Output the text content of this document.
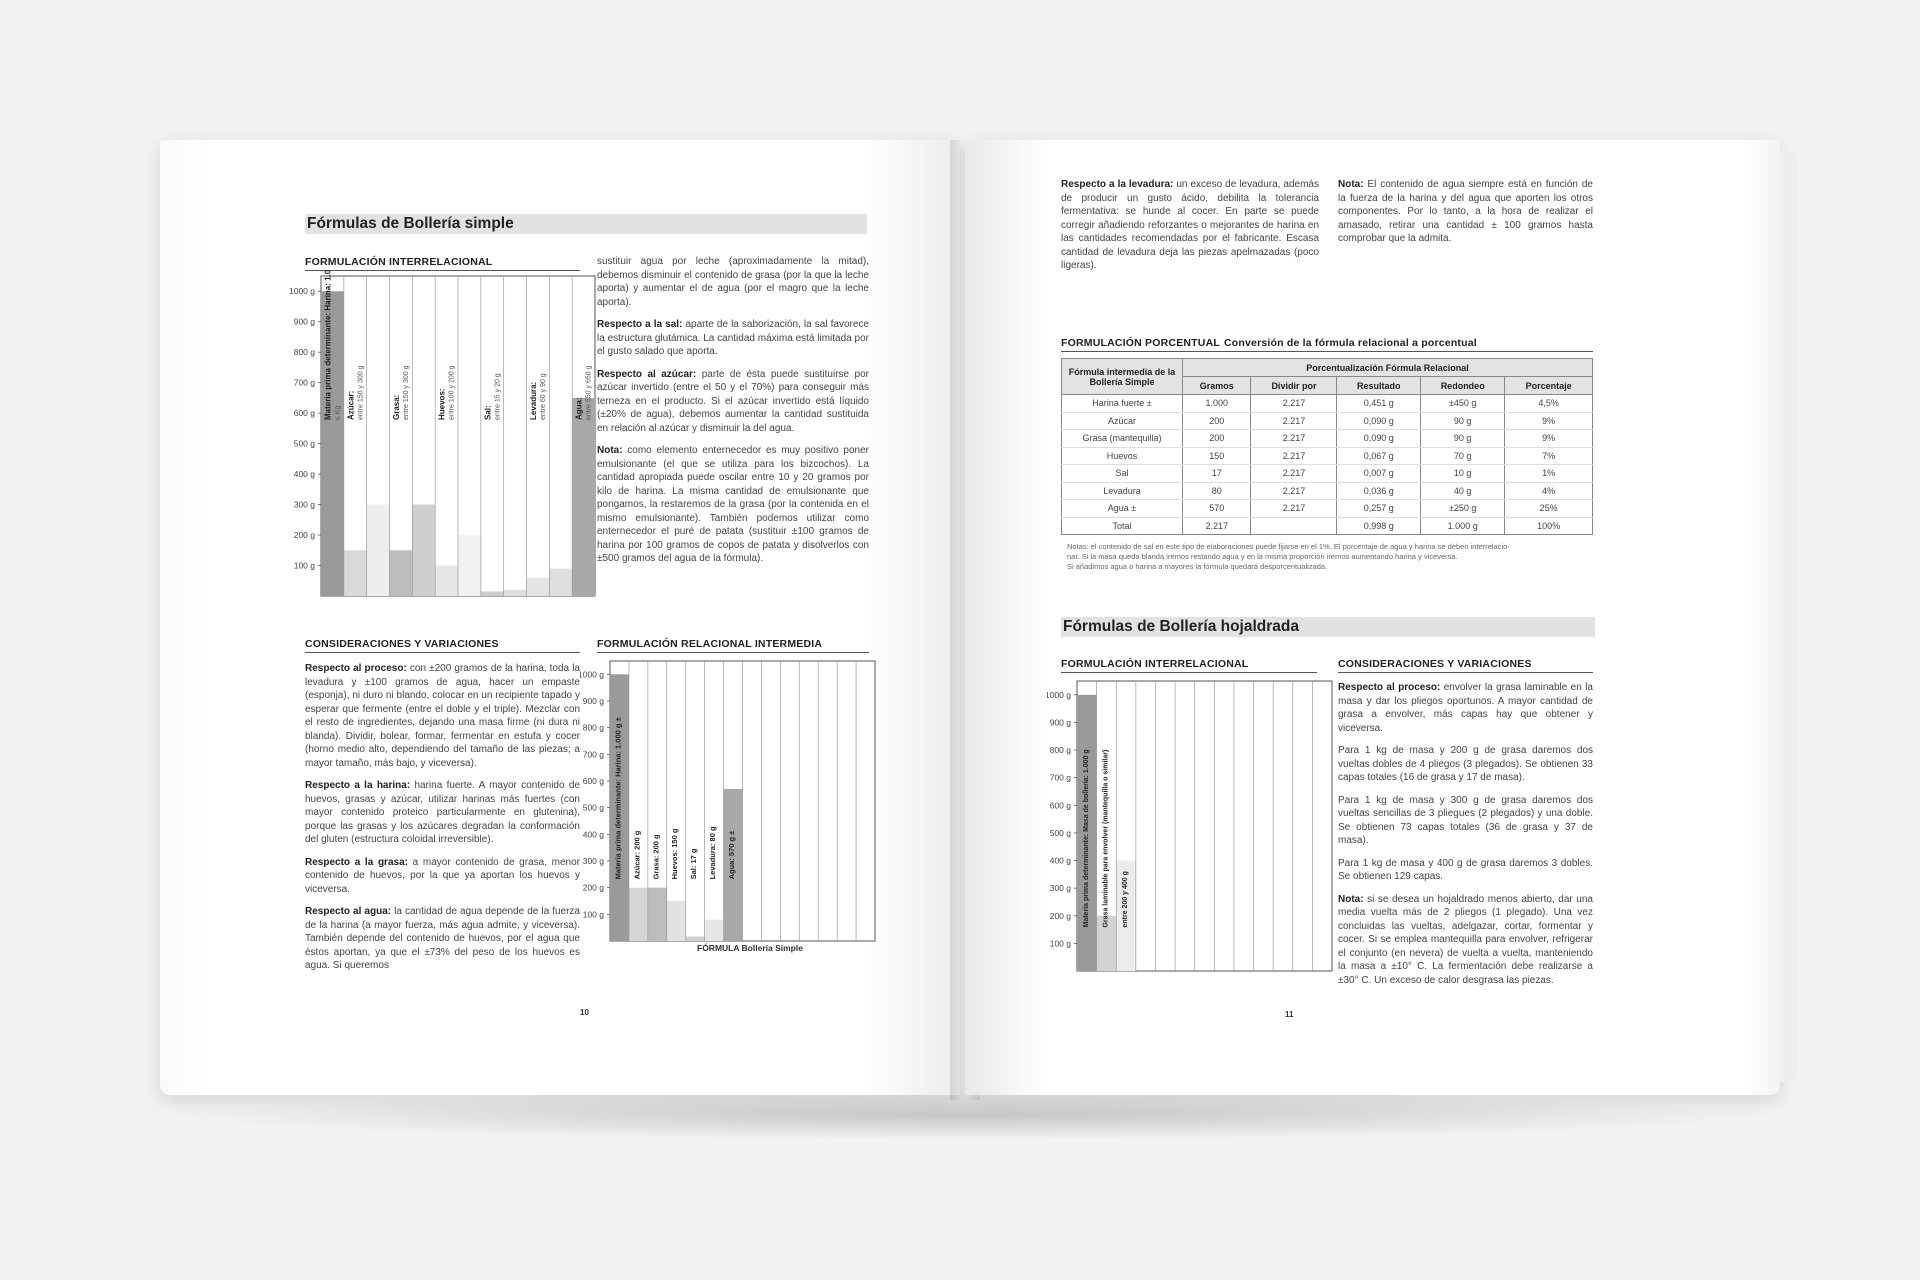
Fórmulas de Bollería simple
FORMULACIÓN INTERRELACIONAL
1000 g
900 g
800 g
700 g
600 g
500 g
400 g
300 g
200 g
100 g
Materia prima determinante: Harina: 1.000 g ≤ Kg Azúcar: entre 150 y 300 g	Grasa: entre 150 y 300 g	Huevos: entre 100 y 200 g	Sal: entre 15 y 20 g	Levadura: entre 60 y 90 g	Agua: entre 550 y 650 g

sustituir agua por leche (aproximadamente la mitad), debemos disminuir el contenido de grasa (por la que la leche aporta) y aumentar el de agua (por el magro que la leche aporta).

Respecto a la sal: aparte de la saborización, la sal favorece la estructura glutámica. La cantidad máxima está limitada por el gusto salado que aporta.

Respecto al azúcar: parte de ésta puede sustituirse por azúcar invertido (entre el 50 y el 70%) para conseguir más terneza en el producto. Si el azúcar invertido está líquido (±20% de agua), debemos aumentar la cantidad sustituida en relación al azúcar y disminuir la del agua.

Nota: como elemento enternecedor es muy positivo poner emulsionante (el que se utiliza para los bizcochos). La cantidad apropiada puede oscilar entre 10 y 20 gramos por kilo de harina. La misma cantidad de emulsionante que pongamos, la restaremos de la grasa (por la contenida en el mismo emulsionante). También podemos utilizar como enternecedor el puré de patata (sustituir ±100 gramos de harina por 100 gramos de copos de patata y disolverlos con ±500 gramos del agua de la fórmula).

CONSIDERACIONES Y VARIACIONES

Respecto al proceso: con ±200 gramos de la harina, toda la levadura y ±100 gramos de agua, hacer un empaste (esponja), ni duro ni blando, colocar en un recipiente tapado y esperar que fermente (entre el doble y el triple). Mezclar con el resto de ingredientes, dejando una masa firme (ni dura ni blanda). Dividir, bolear, formar, fermentar en estufa y cocer (horno medio alto, dependiendo del tamaño de las piezas; a mayor tamaño, más bajo, y viceversa).

Respecto a la harina: harina fuerte. A mayor contenido de huevos, grasas y azúcar, utilizar harinas más fuertes (con mayor contenido proteico particularmente en glutenina), porque las grasas y los azúcares degradan la conformación del gluten (estructura coloidal irreversible).

Respecto a la grasa: a mayor contenido de grasa, menor contenido de huevos, por la que ya aportan los huevos y viceversa.

Respecto al agua: la cantidad de agua depende de la fuerza de la harina (a mayor fuerza, más agua admite, y viceversa). También depende del contenido de huevos, por el agua que éstos aportan, ya que el ±73% del peso de los huevos es agua. Si queremos

FORMULACIÓN RELACIONAL INTERMEDIA
1000 g
900 g
800 g
700 g
600 g
500 g
400 g
300 g
200 g
100 g
Materia prima determinante: Harina: 1.000 g ± Azúcar: 200 g Grasa: 200 g Huevos: 150 g Sal: 17 g Levadura: 80 g Agua: 570 g ±
FÓRMULA Bollería Simple
10

Respecto a la levadura: un exceso de levadura, además de producir un gusto ácido, debilita la tolerancia fermentativa: se hunde al cocer. En parte se puede corregir añadiendo reforzantes o mejorantes de harina en las cantidades recomendadas por el fabricante. Escasa cantidad de levadura deja las piezas apelmazadas (poco ligeras).

Nota: El contenido de agua siempre está en función de la fuerza de la harina y del agua que aporten los otros componentes. Por lo tanto, a la hora de realizar el amasado, retirar una cantidad ± 100 gramos hasta comprobar que la admita.

FORMULACIÓN PORCENTUAL Conversión de la fórmula relacional a porcentual
Fórmula intermedia de la Bollería Simple	Porcentualización Fórmula Relacional				
	Gramos	Dividir por	Resultado	Redondeo	Porcentaje
Harina fuerte ±	1.000	2.217	0,451 g	±450 g	4,5%
Azúcar	200	2.217	0,090 g	90 g	9%
Grasa (mantequilla)	200	2.217	0,090 g	90 g	9%
Huevos	150	2.217	0,067 g	70 g	7%
Sal	17	2.217	0,007 g	10 g	1%
Levadura	80	2.217	0,036 g	40 g	4%
Agua ±	570	2.217	0,257 g	±250 g	25%
Total	2.217		0,998 g	1.000 g	100%
Notas: el contenido de sal en este tipo de elaboraciones puede fijarse en el 1%. El porcentaje de agua y harina se deben interrelacio-
nar. Si la masa queda blanda iremos restando agua y en la misma proporción iremos aumentando harina y viceversa.
Si añadimos agua o harina a mayores la fórmula quedará desporcentualizada.
Fórmulas de Bollería hojaldrada
FORMULACIÓN INTERRELACIONAL
1000 g
900 g
800 g
700 g
600 g
500 g
400 g
300 g
200 g
100 g
Materia prima determinante: Masa de bollería: 1.000 g Grasa laminable para envolver (mantequilla o similar) entre 200 y 400 g
CONSIDERACIONES Y VARIACIONES

Respecto al proceso: envolver la grasa laminable en la masa y dar los pliegos oportunos. A mayor cantidad de grasa a envolver, más capas hay que obtener y viceversa.

Para 1 kg de masa y 200 g de grasa daremos dos vueltas dobles de 4 pliegos (3 plegados). Se obtienen 33 capas totales (16 de grasa y 17 de masa).

Para 1 kg de masa y 300 g de grasa daremos dos vueltas sencillas de 3 pliegues (2 plegados) y una doble. Se obtienen 73 capas totales (36 de grasa y 37 de masa).

Para 1 kg de masa y 400 g de grasa daremos 3 dobles. Se obtienen 129 capas.

Nota: si se desea un hojaldrado menos abierto, dar una media vuelta más de 2 pliegos (1 plegado). Una vez concluidas las vueltas, adelgazar, cortar, formentar y cocer. Si se emplea mantequilla para envolver, refrigerar el conjunto (en nevera) de vuelta a vuelta, manteniendo la masa a ±10° C. La fermentación debe realizarse a ±30° C. Un exceso de calor desgrasa las piezas.

11
